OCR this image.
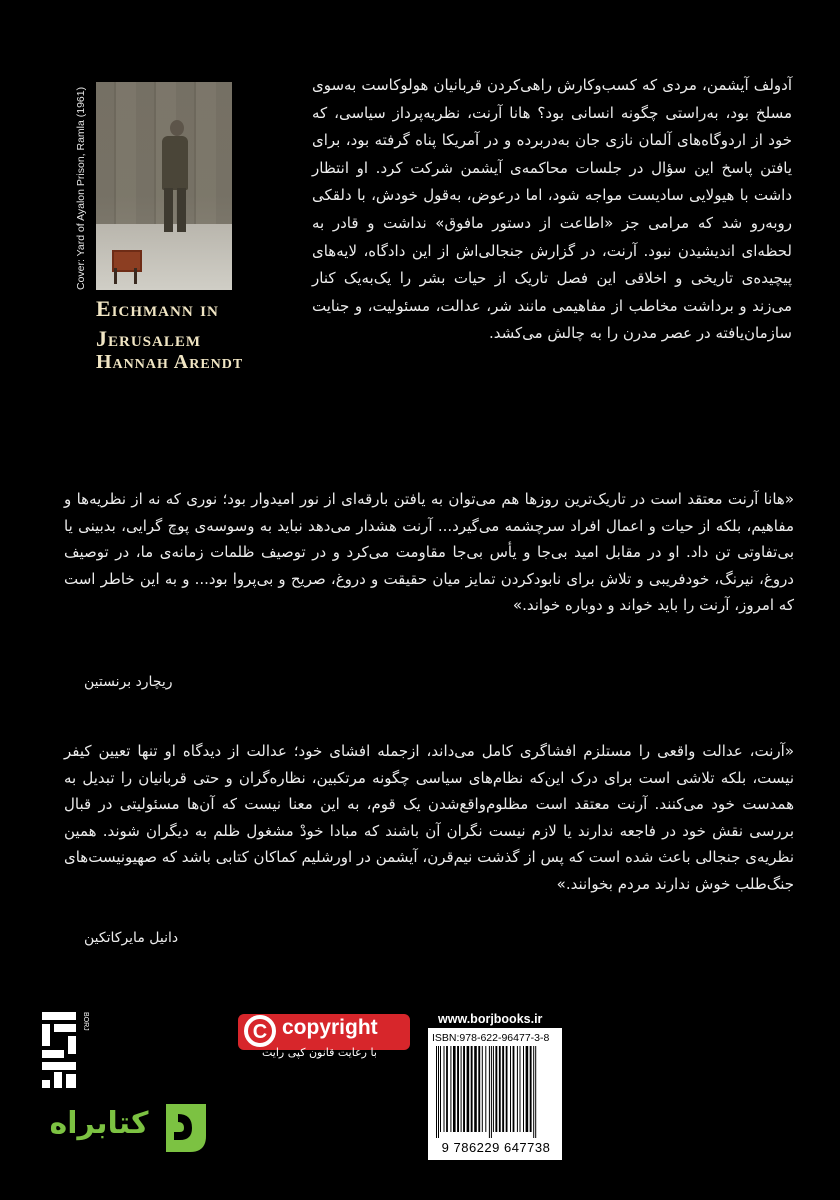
Cover: Yard of Ayalon Prison, Ramla (1961)
Eichmann in
Jerusalem
Hannah Arendt
آدولف آیشمن، مردی که کسب‌وکارش راهی‌کردن قربانیان هولوکاست به‌سوی مسلخ بود، به‌راستی چگونه انسانی بود؟ هانا آرنت، نظریه‌پرداز سیاسی، که خود از اردوگاه‌های آلمان نازی جان به‌دربرده و در آمریکا پناه گرفته بود، برای یافتن پاسخ این سؤال در جلسات محاکمه‌ی آیشمن شرکت کرد. او انتظار داشت با هیولایی سادیست مواجه شود، اما درعوض، به‌قول خودش، با دلقکی روبه‌رو شد که مرامی جز «اطاعت از دستور مافوق» نداشت و قادر به لحظه‌ای اندیشیدن نبود. آرنت، در گزارش جنجالی‌اش از این دادگاه، لایه‌های پیچیده‌ی تاریخی و اخلاقی این فصل تاریک از حیات بشر را یک‌به‌یک کنار می‌زند و برداشت مخاطب از مفاهیمی مانند شر، عدالت، مسئولیت، و جنایت سازمان‌یافته در عصر مدرن را به چالش می‌کشد.
«هانا آرنت معتقد است در تاریک‌ترین روزها هم می‌توان به یافتن بارقه‌ای از نور امیدوار بود؛ نوری که نه از نظریه‌ها و مفاهیم، بلکه از حیات و اعمال افراد سرچشمه می‌گیرد... آرنت هشدار می‌دهد نباید به وسوسه‌ی پوچ گرایی، بدبینی یا بی‌تفاوتی تن داد. او در مقابل امید بی‌جا و یأس بی‌جا مقاومت می‌کرد و در توصیف ظلمات زمانه‌ی ما، در توصیف دروغ، نیرنگ، خودفریبی و تلاش برای نابودکردن تمایز میان حقیقت و دروغ، صریح و بی‌پروا بود... و به این خاطر است که امروز، آرنت را باید خواند و دوباره خواند.»
ریچارد برنستین
«آرنت، عدالت واقعی را مستلزم افشاگری کامل می‌داند، ازجمله افشای خود؛ عدالت از دیدگاه او تنها تعیین کیفر نیست، بلکه تلاشی است برای درک این‌که نظام‌های سیاسی چگونه مرتکبین، نظاره‌گران و حتی قربانیان را تبدیل به همدست خود می‌کنند. آرنت معتقد است مظلوم‌واقع‌شدن یک قوم، به این معنا نیست که آن‌ها مسئولیتی در قبال بررسی نقش خود در فاجعه ندارند یا لازم نیست نگران آن باشند که مبادا خودْ مشغول ظلم به دیگران شوند. همین نظریه‌ی جنجالی باعث شده است که پس از گذشت نیم‌قرن، آیشمن در اورشلیم کماکان کتابی باشد که صهیونیست‌های جنگ‌طلب خوش ندارند مردم بخوانند.»
دانیل مایرکاتکین
BORJ
کتابراه
C copyright
با رعایت قانون کپی رایت
www.borjbooks.ir
ISBN:978-622-96477-3-8
9 786229 647738
